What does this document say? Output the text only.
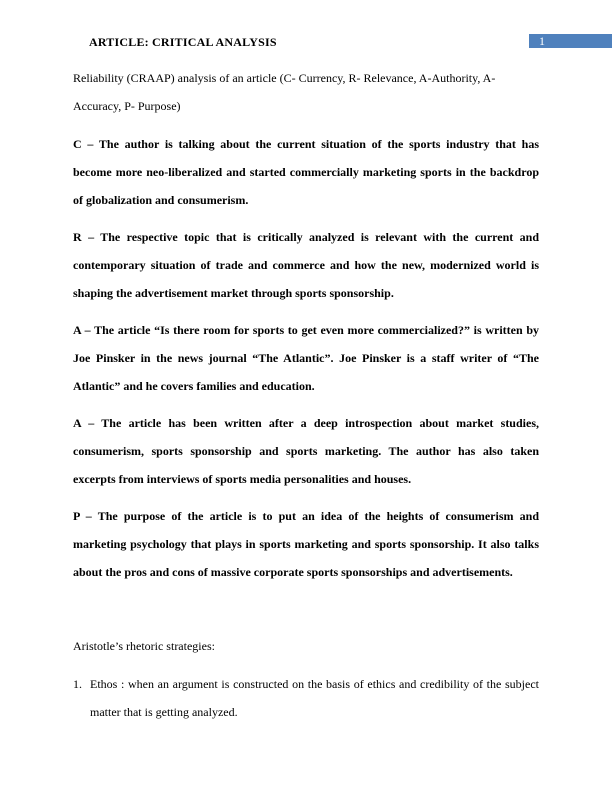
ARTICLE: CRITICAL ANALYSIS	1
Reliability (CRAAP) analysis of an article (C- Currency, R- Relevance, A-Authority, A-Accuracy, P- Purpose)
C – The author is talking about the current situation of the sports industry that has become more neo-liberalized and started commercially marketing sports in the backdrop of globalization and consumerism.
R – The respective topic that is critically analyzed is relevant with the current and contemporary situation of trade and commerce and how the new, modernized world is shaping the advertisement market through sports sponsorship.
A – The article “Is there room for sports to get even more commercialized?” is written by Joe Pinsker in the news journal “The Atlantic”. Joe Pinsker is a staff writer of “The Atlantic” and he covers families and education.
A – The article has been written after a deep introspection about market studies, consumerism, sports sponsorship and sports marketing. The author has also taken excerpts from interviews of sports media personalities and houses.
P – The purpose of the article is to put an idea of the heights of consumerism and marketing psychology that plays in sports marketing and sports sponsorship. It also talks about the pros and cons of massive corporate sports sponsorships and advertisements.
Aristotle’s rhetoric strategies:
1. Ethos : when an argument is constructed on the basis of ethics and credibility of the subject matter that is getting analyzed.
